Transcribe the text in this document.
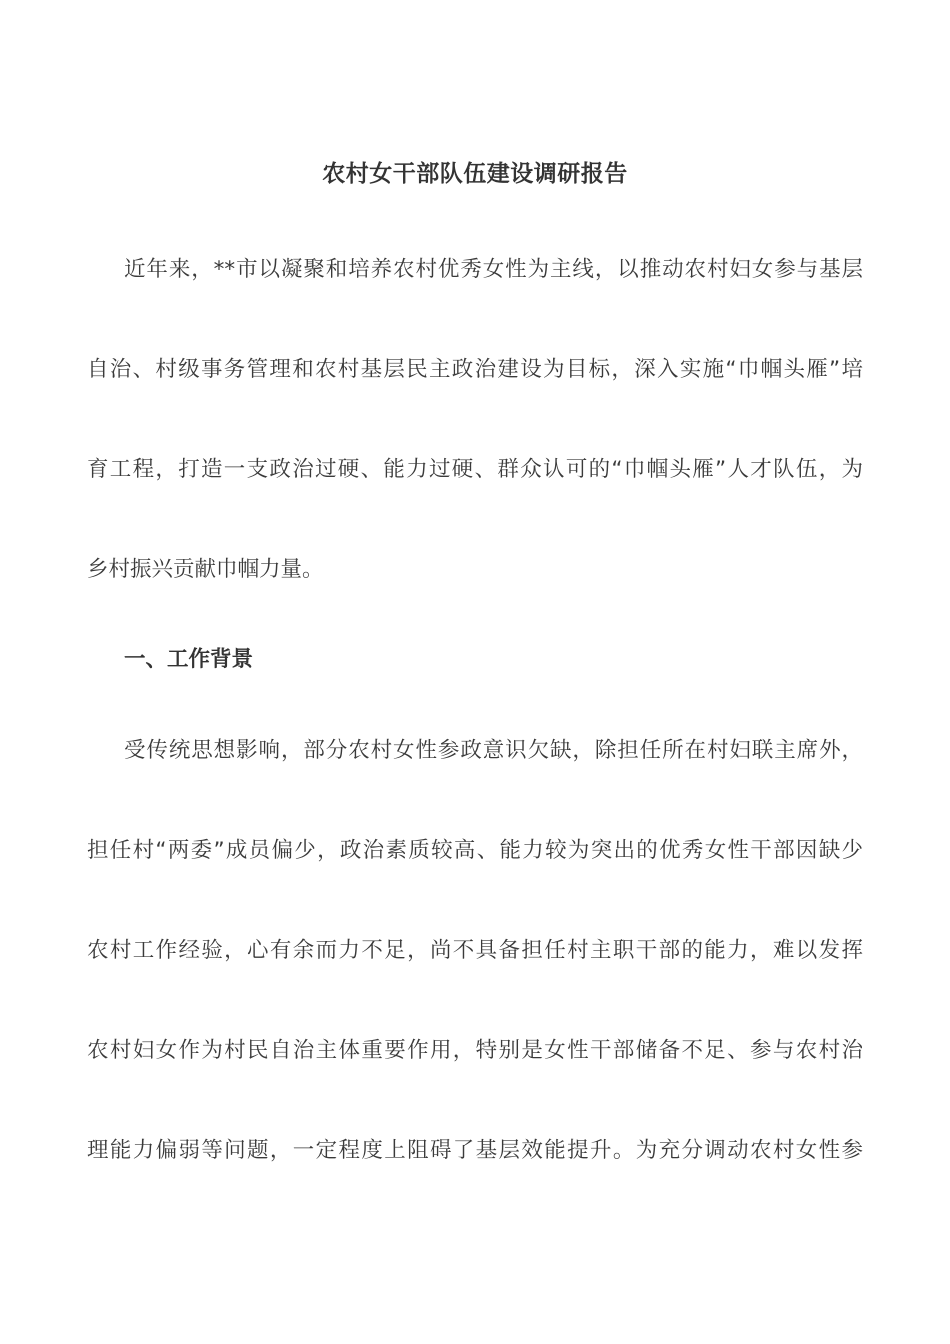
农村女干部队伍建设调研报告
近年来，**市以凝聚和培养农村优秀女性为主线，以推动农村妇女参与基层
自治、村级事务管理和农村基层民主政治建设为目标，深入实施“巾帼头雁”培
育工程，打造一支政治过硬、能力过硬、群众认可的“巾帼头雁”人才队伍，为
乡村振兴贡献巾帼力量。
一、工作背景
受传统思想影响，部分农村女性参政意识欠缺，除担任所在村妇联主席外，
担任村“两委”成员偏少，政治素质较高、能力较为突出的优秀女性干部因缺少
农村工作经验，心有余而力不足，尚不具备担任村主职干部的能力，难以发挥
农村妇女作为村民自治主体重要作用，特别是女性干部储备不足、参与农村治
理能力偏弱等问题，一定程度上阻碍了基层效能提升。为充分调动农村女性参
